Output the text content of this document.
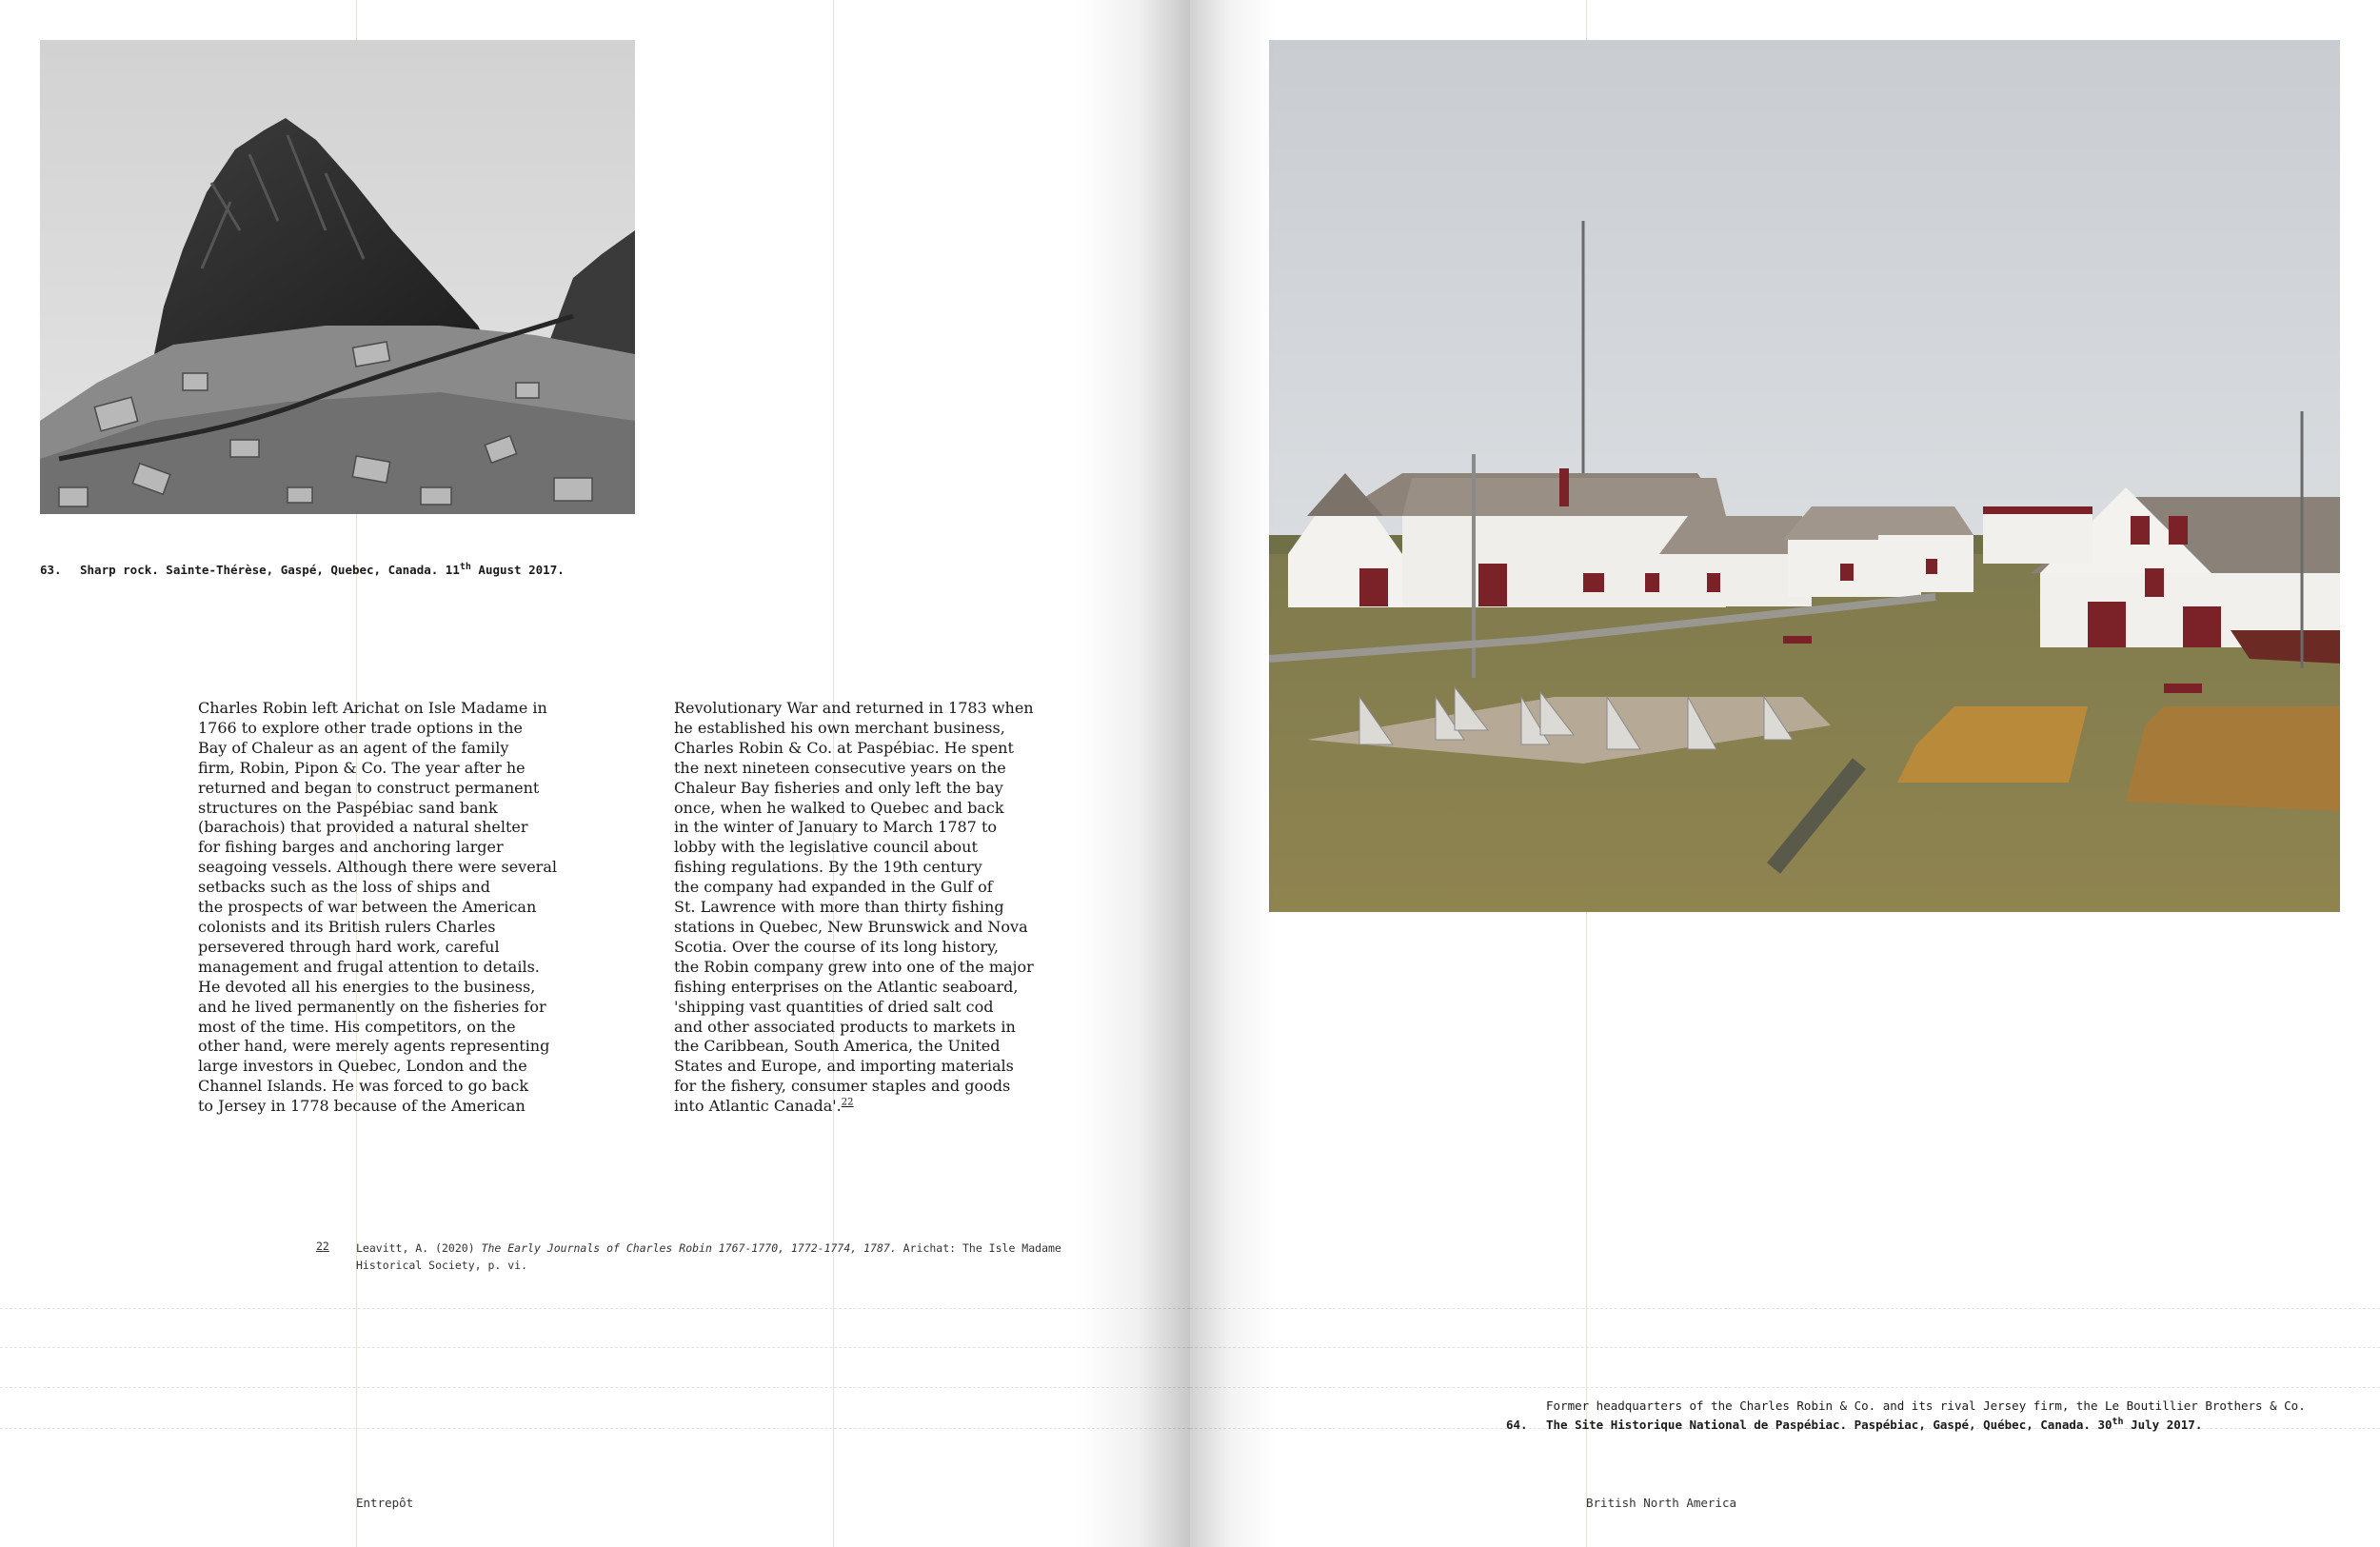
63. Sharp rock. Sainte-Thérèse, Gaspé, Quebec, Canada. 11th August 2017.

Charles Robin left Arichat on Isle Madame in

1766 to explore other trade options in the

Bay of Chaleur as an agent of the family

firm, Robin, Pipon & Co. The year after he

returned and began to construct permanent

structures on the Paspébiac sand bank

(barachois) that provided a natural shelter

for fishing barges and anchoring larger

seagoing vessels. Although there were several

setbacks such as the loss of ships and

the prospects of war between the American

colonists and its British rulers Charles

persevered through hard work, careful

management and frugal attention to details.

He devoted all his energies to the business,

and he lived permanently on the fisheries for

most of the time. His competitors, on the

other hand, were merely agents representing

large investors in Quebec, London and the

Channel Islands. He was forced to go back

to Jersey in 1778 because of the American

Revolutionary War and returned in 1783 when

he established his own merchant business,

Charles Robin & Co. at Paspébiac. He spent

the next nineteen consecutive years on the

Chaleur Bay fisheries and only left the bay

once, when he walked to Quebec and back

in the winter of January to March 1787 to

lobby with the legislative council about

fishing regulations. By the 19th century

the company had expanded in the Gulf of

St. Lawrence with more than thirty fishing

stations in Quebec, New Brunswick and Nova

Scotia. Over the course of its long history,

the Robin company grew into one of the major

fishing enterprises on the Atlantic seaboard,

'shipping vast quantities of dried salt cod

and other associated products to markets in

the Caribbean, South America, the United

States and Europe, and importing materials

for the fishery, consumer staples and goods

into Atlantic Canada'.$^{22}$

22 Leavitt, A. (2020) The Early Journals of Charles Robin 1767-1770, 1772-1774, 1787. Arichat: The Isle Madame
Historical Society, p. vi.
Entrepôt
Former headquarters of the Charles Robin & Co. and its rival Jersey firm, the Le Boutillier Brothers & Co.
64. The Site Historique National de Paspébiac. Paspébiac, Gaspé, Québec, Canada. 30th July 2017.
British North America
